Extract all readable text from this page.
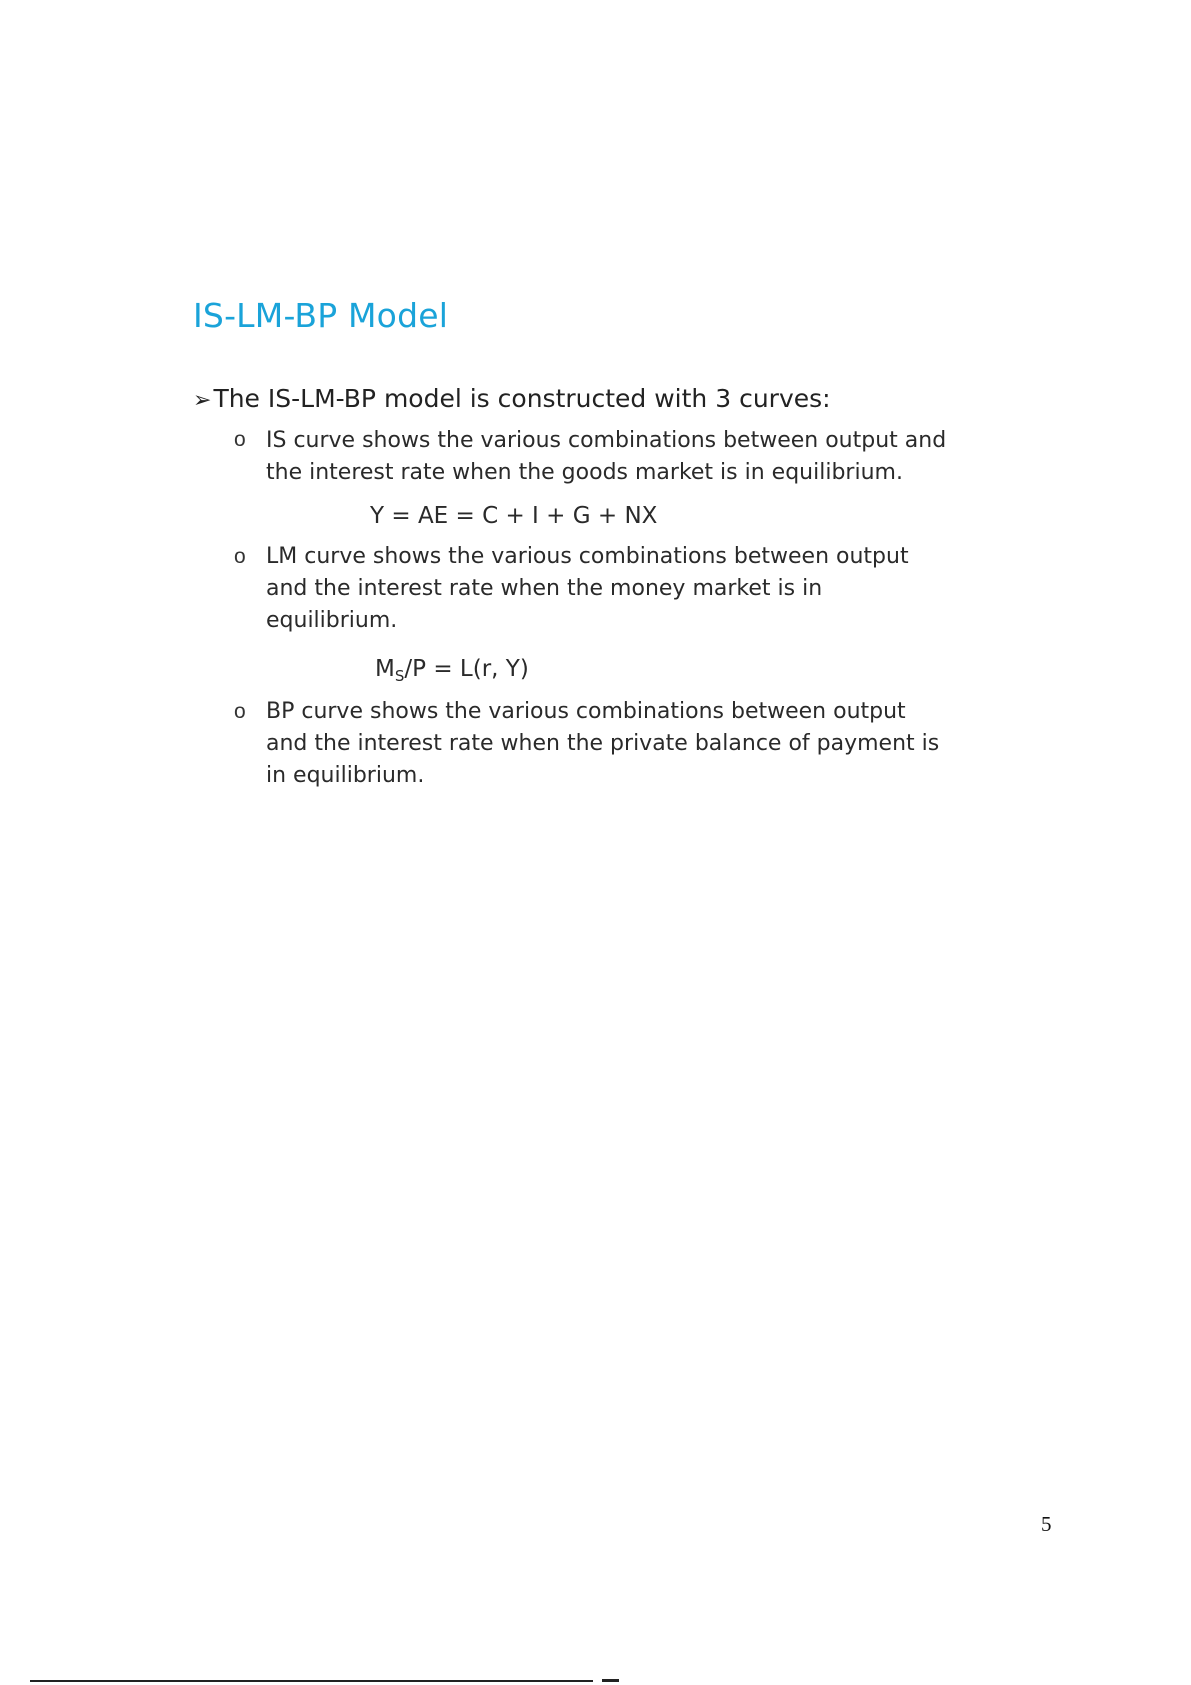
IS-LM-BP Model
➢The IS-LM-BP model is constructed with 3 curves:
o IS curve shows the various combinations between output and
the interest rate when the goods market is in equilibrium.
Y = AE = C + I + G + NX
o LM curve shows the various combinations between output
and the interest rate when the money market is in
equilibrium.
$M_S/P = L(r$, Y)
o BP curve shows the various combinations between output
and the interest rate when the private balance of payment is
in equilibrium.
5
